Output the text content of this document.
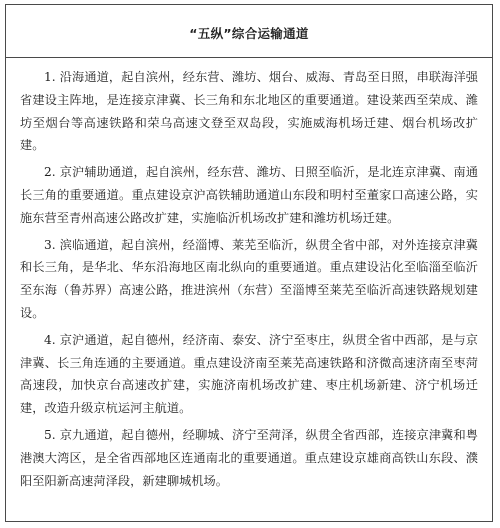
“五纵”综合运输通道

1. 沿海通道，起自滨州，经东营、潍坊、烟台、威海、青岛至日照，串联海洋强省建设主阵地，是连接京津冀、长三角和东北地区的重要通道。建设莱西至荣成、潍坊至烟台等高速铁路和荣乌高速文登至双岛段，实施威海机场迁建、烟台机场改扩建。

2. 京沪辅助通道，起自滨州，经东营、潍坊、日照至临沂，是北连京津冀、南通长三角的重要通道。重点建设京沪高铁辅助通道山东段和明村至董家口高速公路，实施东营至青州高速公路改扩建，实施临沂机场改扩建和潍坊机场迁建。

3. 滨临通道，起自滨州，经淄博、莱芜至临沂，纵贯全省中部，对外连接京津冀和长三角，是华北、华东沿海地区南北纵向的重要通道。重点建设沾化至临淄至临沂至东海（鲁苏界）高速公路，推进滨州（东营）至淄博至莱芜至临沂高速铁路规划建设。

4. 京沪通道，起自德州，经济南、泰安、济宁至枣庄，纵贯全省中西部，是与京津冀、长三角连通的主要通道。重点建设济南至莱芜高速铁路和济微高速济南至枣菏高速段，加快京台高速改扩建，实施济南机场改扩建、枣庄机场新建、济宁机场迁建，改造升级京杭运河主航道。

5. 京九通道，起自德州，经聊城、济宁至菏泽，纵贯全省西部，连接京津冀和粤港澳大湾区，是全省西部地区连通南北的重要通道。重点建设京雄商高铁山东段、濮阳至阳新高速菏泽段，新建聊城机场。
